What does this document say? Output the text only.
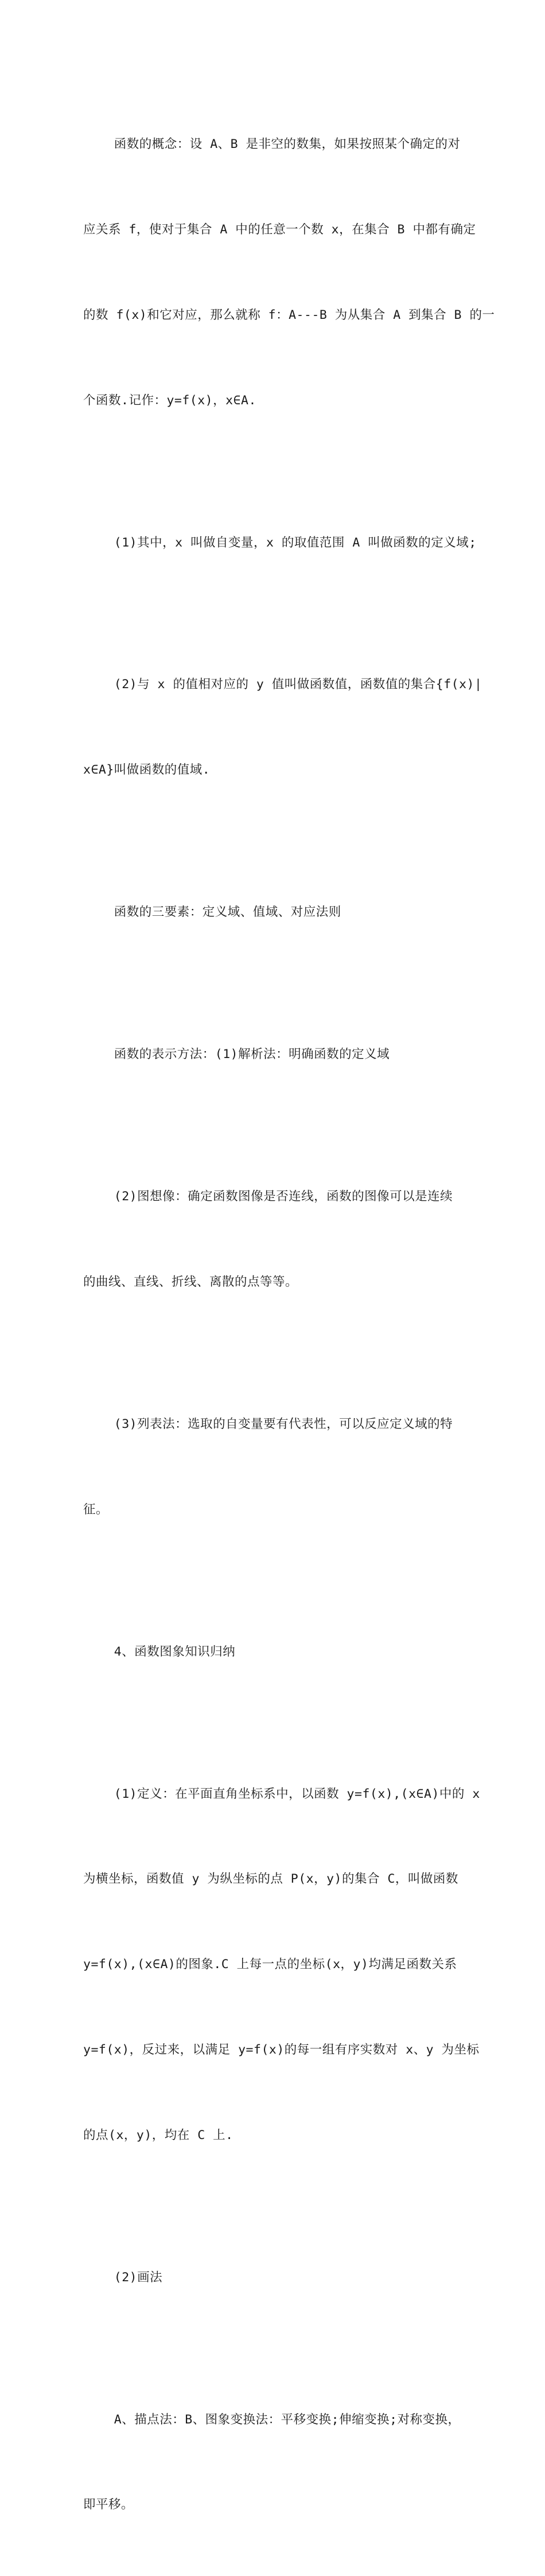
函数的概念：设 A、B 是非空的数集，如果按照某个确定的对

应关系 f，使对于集合 A 中的任意一个数 x，在集合 B 中都有确定

的数 f(x)和它对应，那么就称 f：A---B 为从集合 A 到集合 B 的一

个函数.记作：y=f(x)，x∈A.

(1)其中，x 叫做自变量，x 的取值范围 A 叫做函数的定义域;

(2)与 x 的值相对应的 y 值叫做函数值，函数值的集合{f(x)|

x∈A}叫做函数的值域.

函数的三要素：定义域、值域、对应法则

函数的表示方法：(1)解析法：明确函数的定义域

(2)图想像：确定函数图像是否连线，函数的图像可以是连续

的曲线、直线、折线、离散的点等等。

(3)列表法：选取的自变量要有代表性，可以反应定义域的特

征。

4、函数图象知识归纳

(1)定义：在平面直角坐标系中，以函数 y=f(x),(x∈A)中的 x

为横坐标，函数值 y 为纵坐标的点 P(x，y)的集合 C，叫做函数

y=f(x),(x∈A)的图象.C 上每一点的坐标(x，y)均满足函数关系

y=f(x)，反过来，以满足 y=f(x)的每一组有序实数对 x、y 为坐标

的点(x，y)，均在 C 上.

(2)画法

A、描点法：B、图象变换法：平移变换;伸缩变换;对称变换，

即平移。
